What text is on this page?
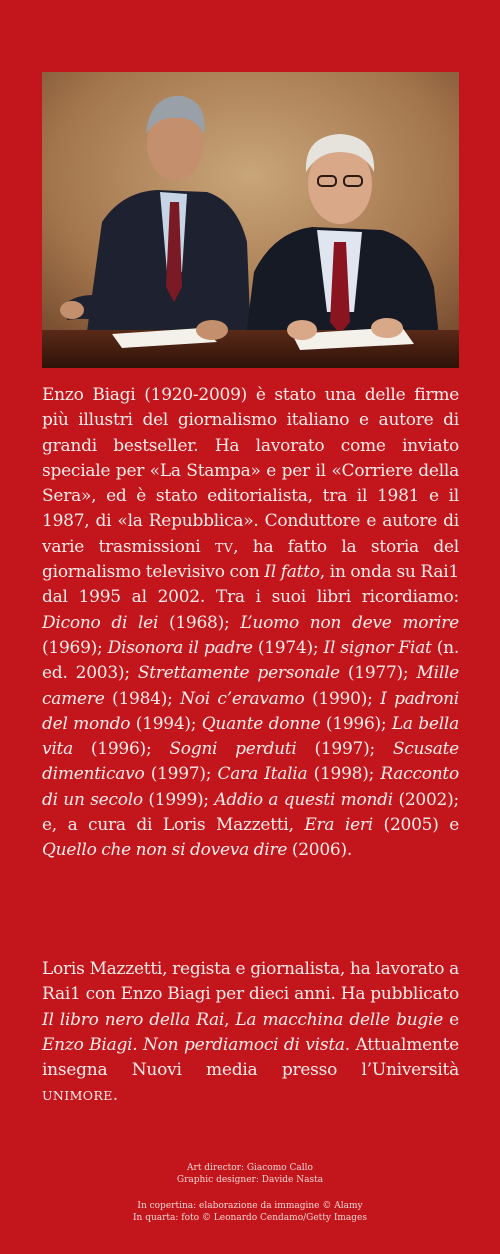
Enzo Biagi (1920-2009) è stato una delle firme più illustri del giornalismo italiano e autore di grandi bestseller. Ha lavorato come inviato speciale per «La Stampa» e per il «Corriere della Sera», ed è stato editorialista, tra il 1981 e il 1987, di «la Repubblica». Conduttore e autore di varie trasmissioni TV, ha fatto la storia del giornalismo televisivo con Il fatto, in onda su Rai1 dal 1995 al 2002. Tra i suoi libri ricordiamo: Dicono di lei (1968); L’uomo non deve morire (1969); Disonora il padre (1974); Il signor Fiat (n. ed. 2003); Strettamente personale (1977); Mille camere (1984); Noi c’eravamo (1990); I padroni del mondo (1994); Quante donne (1996); La bella vita (1996); Sogni perduti (1997); Scusate dimenticavo (1997); Cara Italia (1998); Racconto di un secolo (1999); Addio a questi mondi (2002); e, a cura di Loris Mazzetti, Era ieri (2005) e Quello che non si doveva dire (2006).

Loris Mazzetti, regista e giornalista, ha lavorato a Rai1 con Enzo Biagi per dieci anni. Ha pubblicato Il libro nero della Rai, La macchina delle bugie e Enzo Biagi. Non perdiamoci di vista. Attualmente insegna Nuovi media presso l’Università UNIMORE.

Art director: Giacomo Callo
Graphic designer: Davide Nasta
In copertina: elaborazione da immagine © Alamy
In quarta: foto © Leonardo Cendamo/Getty Images
